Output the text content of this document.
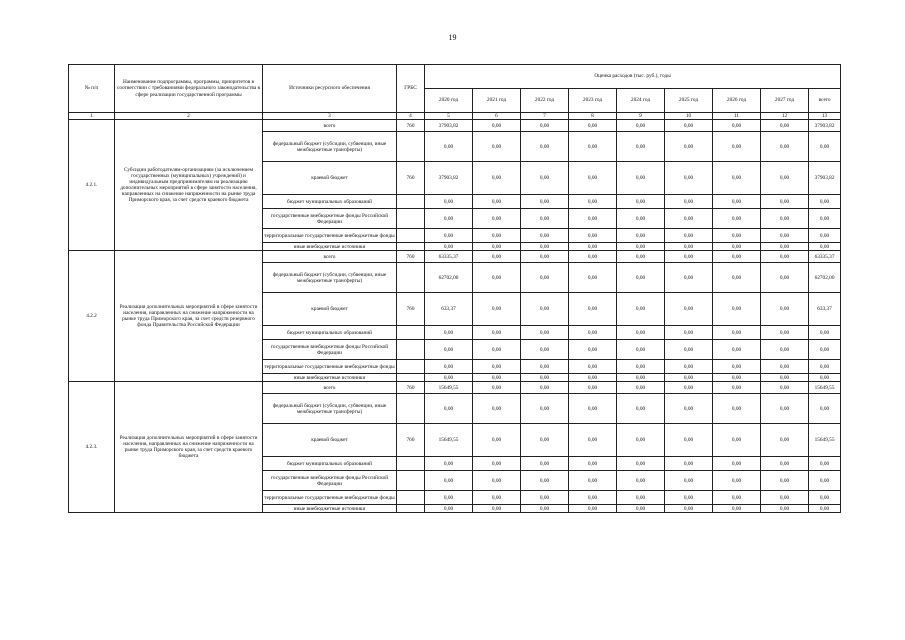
19
№ п/п	Наименование подпрограммы, программы, приоритетов в соответствии с требованиями федерального законодательства в сфере реализации государственной программы	Источники ресурсного обеспечения	ГРБС	Оценка расходов (тыс. руб.), годы								
				2020 год	2021 год	2022 год	2023 год	2024 год	2025 год	2026 год	2027 год	всего
1	2	3	4	5	6	7	8	9	10	11	12	13
4.2.1.	Субсидии работодателям-организациям (за исключением государственных (муниципальных) учреждений) и индивидуальным предпринимателям на реализацию дополнительных мероприятий в сфере занятости населения, направленных на снижение напряженности на рынке труда Приморского края, за счет средств краевого бюджета	всего	760	37903,82	0,00	0,00	0,00	0,00	0,00	0,00	0,00	37903,82
		федеральный бюджет (субсидии, субвенции, иные межбюджетные трансферты)		0,00	0,00	0,00	0,00	0,00	0,00	0,00	0,00	0,00
		краевой бюджет	760	37903,82	0,00	0,00	0,00	0,00	0,00	0,00	0,00	37903,82
		бюджет муниципальных образований		0,00	0,00	0,00	0,00	0,00	0,00	0,00	0,00	0,00
		государственные внебюджетные фонды Российской Федерации		0,00	0,00	0,00	0,00	0,00	0,00	0,00	0,00	0,00
		территориальные государственные внебюджетные фонды		0,00	0,00	0,00	0,00	0,00	0,00	0,00	0,00	0,00
		иные внебюджетные источники		0,00	0,00	0,00	0,00	0,00	0,00	0,00	0,00	0,00
4.2.2	Реализация дополнительных мероприятий в сфере занятости населения, направленных на снижение напряженности на рынке труда Приморского края, за счет средств резервного фонда Правительства Российской Федерации	всего	760	63335,37	0,00	0,00	0,00	0,00	0,00	0,00	0,00	63335,37
		федеральный бюджет (субсидии, субвенции, иные межбюджетные трансферты)		62702,00	0,00	0,00	0,00	0,00	0,00	0,00	0,00	62702,00
		краевой бюджет	760	633,37	0,00	0,00	0,00	0,00	0,00	0,00	0,00	633,37
		бюджет муниципальных образований		0,00	0,00	0,00	0,00	0,00	0,00	0,00	0,00	0,00
		государственные внебюджетные фонды Российской Федерации		0,00	0,00	0,00	0,00	0,00	0,00	0,00	0,00	0,00
		территориальные государственные внебюджетные фонды		0,00	0,00	0,00	0,00	0,00	0,00	0,00	0,00	0,00
		иные внебюджетные источники		0,00	0,00	0,00	0,00	0,00	0,00	0,00	0,00	0,00
4.2.3.	Реализация дополнительных мероприятий в сфере занятости населения, направленных на снижение напряженности на рынке труда Приморского края, за счет средств краевого бюджета	всего	760	15649,55	0,00	0,00	0,00	0,00	0,00	0,00	0,00	15649,55
		федеральный бюджет (субсидии, субвенции, иные межбюджетные трансферты)		0,00	0,00	0,00	0,00	0,00	0,00	0,00	0,00	0,00
		краевой бюджет	760	15649,55	0,00	0,00	0,00	0,00	0,00	0,00	0,00	15649,55
		бюджет муниципальных образований		0,00	0,00	0,00	0,00	0,00	0,00	0,00	0,00	0,00
		государственные внебюджетные фонды Российской Федерации		0,00	0,00	0,00	0,00	0,00	0,00	0,00	0,00	0,00
		территориальные государственные внебюджетные фонды		0,00	0,00	0,00	0,00	0,00	0,00	0,00	0,00	0,00
		иные внебюджетные источники		0,00	0,00	0,00	0,00	0,00	0,00	0,00	0,00	0,00
